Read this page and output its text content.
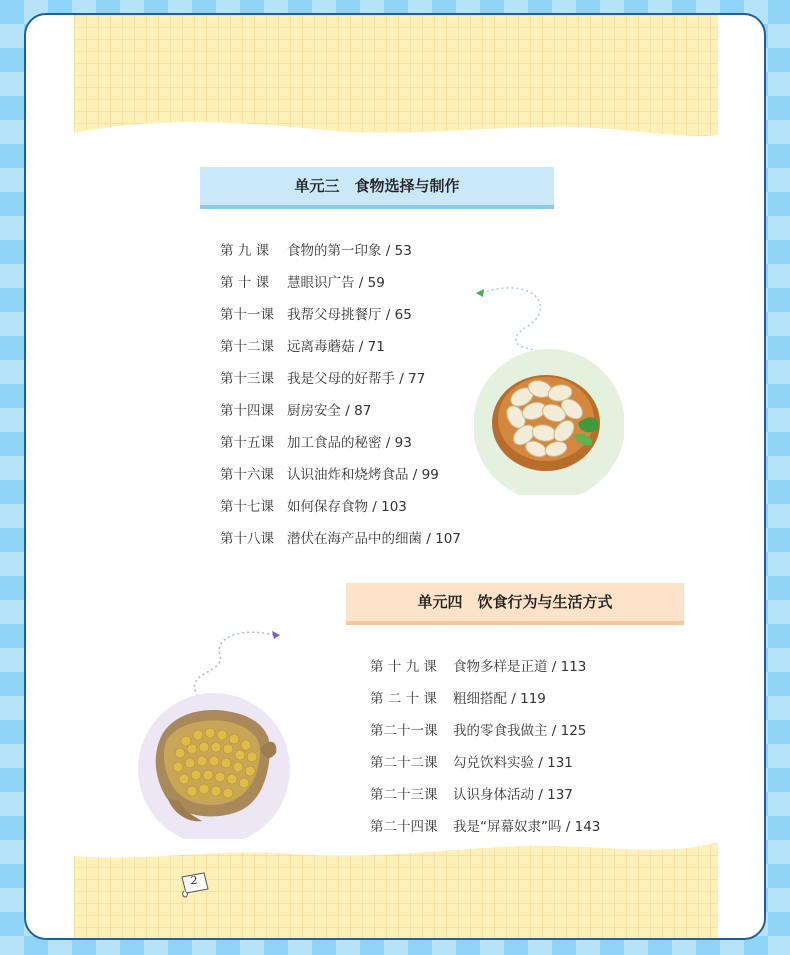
单元三　食物选择与制作
第 九 课	食物的第一印象 / 53
第 十 课	慧眼识广告 / 59
第十一课 我帮父母挑餐厅 / 65
第十二课 远离毒蘑菇 / 71
第十三课 我是父母的好帮手 / 77
第十四课 厨房安全 / 87
第十五课 加工食品的秘密 / 93
第十六课 认识油炸和烧烤食品 / 99
第十七课 如何保存食物 / 103
第十八课 潜伏在海产品中的细菌 / 107
单元四　饮食行为与生活方式
第 十 九 课	食物多样是正道 / 113
第 二 十 课	粗细搭配 / 119
第二十一课	我的零食我做主 / 125
第二十二课	勾兑饮料实验 / 131
第二十三课	认识身体活动 / 137
第二十四课	我是“屏幕奴隶”吗 / 143
2
